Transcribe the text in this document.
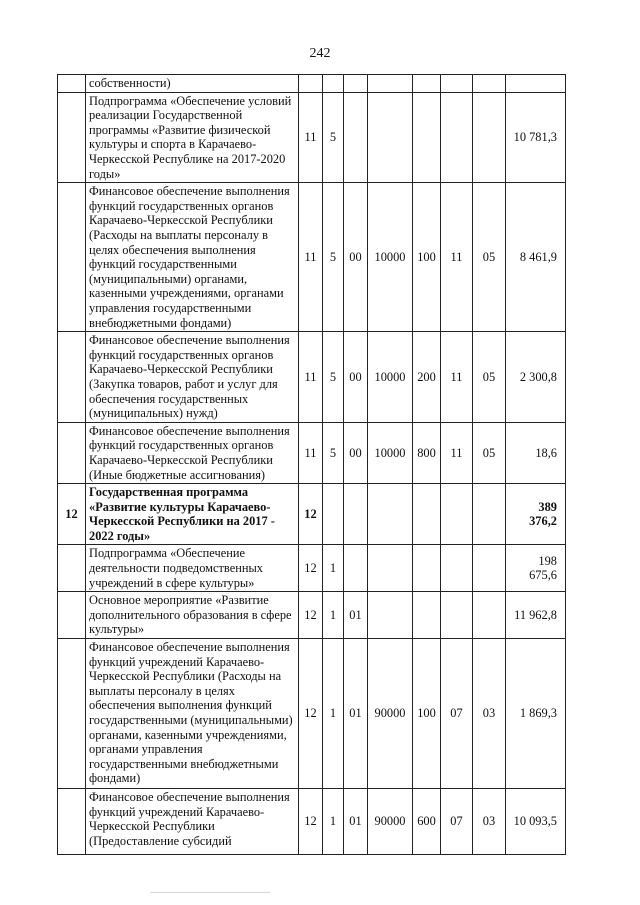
242
	собственности)								
	Подпрограмма «Обеспечение условий реализации Государственной программы «Развитие физической культуры и спорта в Карачаево-Черкесской Республике на 2017-2020 годы»	11	5						10 781,3
	Финансовое обеспечение выполнения функций государственных органов Карачаево-Черкесской Республики (Расходы на выплаты персоналу в целях обеспечения выполнения функций государственными (муниципальными) органами, казенными учреждениями, органами управления государственными внебюджетными фондами)	11	5	00	10000	100	11	05	8 461,9
	Финансовое обеспечение выполнения функций государственных органов Карачаево-Черкесской Республики (Закупка товаров, работ и услуг для обеспечения государственных (муниципальных) нужд)	11	5	00	10000	200	11	05	2 300,8
	Финансовое обеспечение выполнения функций государственных органов Карачаево-Черкесской Республики (Иные бюджетные ассигнования)	11	5	00	10000	800	11	05	18,6
12	Государственная программа «Развитие культуры Карачаево-Черкесской Республики на 2017 - 2022 годы»	12							389 376,2
	Подпрограмма «Обеспечение деятельности подведомственных учреждений в сфере культуры»	12	1						198 675,6
	Основное мероприятие «Развитие дополнительного образования в сфере культуры»	12	1	01					11 962,8
	Финансовое обеспечение выполнения функций учреждений Карачаево-Черкесской Республики (Расходы на выплаты персоналу в целях обеспечения выполнения функций государственными (муниципальными) органами, казенными учреждениями, органами управления государственными внебюджетными фондами)	12	1	01	90000	100	07	03	1 869,3
	Финансовое обеспечение выполнения функций учреждений Карачаево-Черкесской Республики (Предоставление субсидий	12	1	01	90000	600	07	03	10 093,5
